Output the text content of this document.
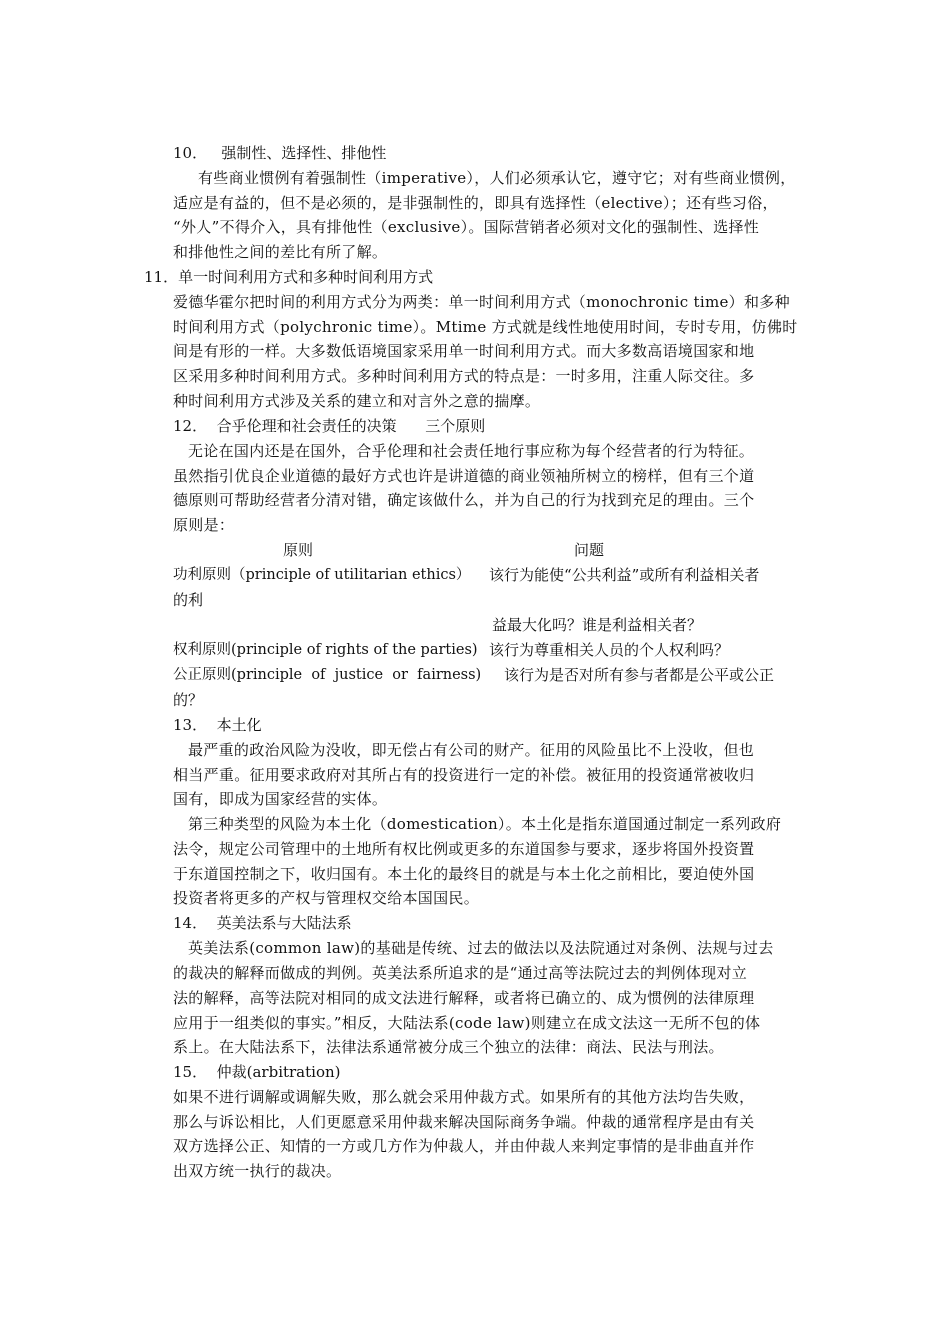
10．   强制性、选择性、排他性
有些商业惯例有着强制性（imperative），人们必须承认它，遵守它；对有些商业惯例，
适应是有益的，但不是必须的，是非强制性的，即具有选择性（elective）；还有些习俗，
“外人”不得介入，具有排他性（exclusive）。国际营销者必须对文化的强制性、选择性
和排他性之间的差比有所了解。
11．单一时间利用方式和多种时间利用方式
爱德华霍尔把时间的利用方式分为两类：单一时间利用方式（monochronic time）和多种
时间利用方式（polychronic time）。Mtime 方式就是线性地使用时间，专时专用，仿佛时
间是有形的一样。大多数低语境国家采用单一时间利用方式。而大多数高语境国家和地
区采用多种时间利用方式。多种时间利用方式的特点是：一时多用，注重人际交往。多
种时间利用方式涉及关系的建立和对言外之意的揣摩。
12．  合乎伦理和社会责任的决策      三个原则
无论在国内还是在国外，合乎伦理和社会责任地行事应称为每个经营者的行为特征。
虽然指引优良企业道德的最好方式也许是讲道德的商业领袖所树立的榜样，但有三个道
德原则可帮助经营者分清对错，确定该做什么，并为自己的行为找到充足的理由。三个
原则是：
原则	问题
功利原则（principle of utilitarian ethics） 该行为能使“公共利益”或所有利益相关者
的利
益最大化吗？谁是利益相关者？
权利原则(principle of rights of the parties) 该行为尊重相关人员的个人权利吗？
公正原则(principle  of  justice  or  fairness) 该行为是否对所有参与者都是公平或公正
的？
13．  本土化
最严重的政治风险为没收，即无偿占有公司的财产。征用的风险虽比不上没收，但也
相当严重。征用要求政府对其所占有的投资进行一定的补偿。被征用的投资通常被收归
国有，即成为国家经营的实体。
第三种类型的风险为本土化（domestication）。本土化是指东道国通过制定一系列政府
法令，规定公司管理中的土地所有权比例或更多的东道国参与要求，逐步将国外投资置
于东道国控制之下，收归国有。本土化的最终目的就是与本土化之前相比，要迫使外国
投资者将更多的产权与管理权交给本国国民。
14．  英美法系与大陆法系
英美法系(common law)的基础是传统、过去的做法以及法院通过对条例、法规与过去
的裁决的解释而做成的判例。英美法系所追求的是“通过高等法院过去的判例体现对立
法的解释，高等法院对相同的成文法进行解释，或者将已确立的、成为惯例的法律原理
应用于一组类似的事实。”相反，大陆法系(code law)则建立在成文法这一无所不包的体
系上。在大陆法系下，法律法系通常被分成三个独立的法律：商法、民法与刑法。
15．  仲裁(arbitration)
如果不进行调解或调解失败，那么就会采用仲裁方式。如果所有的其他方法均告失败，
那么与诉讼相比，人们更愿意采用仲裁来解决国际商务争端。仲裁的通常程序是由有关
双方选择公正、知情的一方或几方作为仲裁人，并由仲裁人来判定事情的是非曲直并作
出双方统一执行的裁决。
